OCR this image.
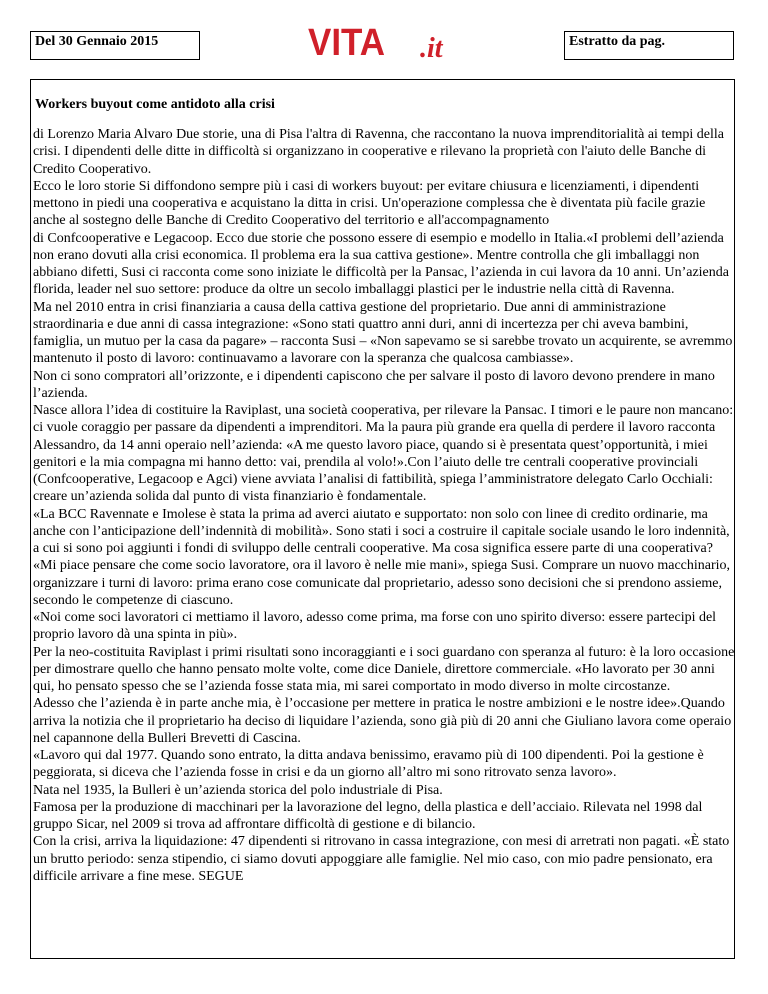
Del 30 Gennaio 2015	VITA .it	Estratto da pag.
Workers buyout come antidoto alla crisi

di Lorenzo Maria Alvaro Due storie, una di Pisa l'altra di Ravenna, che raccontano la nuova imprenditorialità ai tempi della crisi. I dipendenti delle ditte in difficoltà si organizzano in cooperative e rilevano la proprietà con l'aiuto delle Banche di Credito Cooperativo.

Ecco le loro storie Si diffondono sempre più i casi di workers buyout: per evitare chiusura e licenziamenti, i dipendenti mettono in piedi una cooperativa e acquistano la ditta in crisi. Un'operazione complessa che è diventata più facile grazie anche al sostegno delle Banche di Credito Cooperativo del territorio e all'accompagnamento

di Confcooperative e Legacoop. Ecco due storie che possono essere di esempio e modello in Italia.«I problemi dell’azienda non erano dovuti alla crisi economica. Il problema era la sua cattiva gestione». Mentre controlla che gli imballaggi non abbiano difetti, Susi ci racconta come sono iniziate le difficoltà per la Pansac, l’azienda in cui lavora da 10 anni. Un’azienda florida, leader nel suo settore: produce da oltre un secolo imballaggi plastici per le industrie nella città di Ravenna.

Ma nel 2010 entra in crisi finanziaria a causa della cattiva gestione del proprietario. Due anni di amministrazione straordinaria e due anni di cassa integrazione: «Sono stati quattro anni duri, anni di incertezza per chi aveva bambini, famiglia, un mutuo per la casa da pagare» – racconta Susi – «Non sapevamo se si sarebbe trovato un acquirente, se avremmo mantenuto il posto di lavoro: continuavamo a lavorare con la speranza che qualcosa cambiasse».

Non ci sono compratori all’orizzonte, e i dipendenti capiscono che per salvare il posto di lavoro devono prendere in mano l’azienda.

Nasce allora l’idea di costituire la Raviplast, una società cooperativa, per rilevare la Pansac. I timori e le paure non mancano: ci vuole coraggio per passare da dipendenti a imprenditori. Ma la paura più grande era quella di perdere il lavoro racconta Alessandro, da 14 anni operaio nell’azienda: «A me questo lavoro piace, quando si è presentata quest’opportunità, i miei genitori e la mia compagna mi hanno detto: vai, prendila al volo!».Con l’aiuto delle tre centrali cooperative provinciali (Confcooperative, Legacoop e Agci) viene avviata l’analisi di fattibilità, spiega l’amministratore delegato Carlo Occhiali: creare un’azienda solida dal punto di vista finanziario è fondamentale.

«La BCC Ravennate e Imolese è stata la prima ad averci aiutato e supportato: non solo con linee di credito ordinarie, ma anche con l’anticipazione dell’indennità di mobilità». Sono stati i soci a costruire il capitale sociale usando le loro indennità, a cui si sono poi aggiunti i fondi di sviluppo delle centrali cooperative. Ma cosa significa essere parte di una cooperativa?

«Mi piace pensare che come socio lavoratore, ora il lavoro è nelle mie mani», spiega Susi. Comprare un nuovo macchinario, organizzare i turni di lavoro: prima erano cose comunicate dal proprietario, adesso sono decisioni che si prendono assieme, secondo le competenze di ciascuno.

«Noi come soci lavoratori ci mettiamo il lavoro, adesso come prima, ma forse con uno spirito diverso: essere partecipi del proprio lavoro dà una spinta in più».

Per la neo-costituita Raviplast i primi risultati sono incoraggianti e i soci guardano con speranza al futuro: è la loro occasione per dimostrare quello che hanno pensato molte volte, come dice Daniele, direttore commerciale. «Ho lavorato per 30 anni qui, ho pensato spesso che se l’azienda fosse stata mia, mi sarei comportato in modo diverso in molte circostanze.

Adesso che l’azienda è in parte anche mia, è l’occasione per mettere in pratica le nostre ambizioni e le nostre idee».Quando arriva la notizia che il proprietario ha deciso di liquidare l’azienda, sono già più di 20 anni che Giuliano lavora come operaio nel capannone della Bulleri Brevetti di Cascina.

«Lavoro qui dal 1977. Quando sono entrato, la ditta andava benissimo, eravamo più di 100 dipendenti. Poi la gestione è peggiorata, si diceva che l’azienda fosse in crisi e da un giorno all’altro mi sono ritrovato senza lavoro».

Nata nel 1935, la Bulleri è un’azienda storica del polo industriale di Pisa.

Famosa per la produzione di macchinari per la lavorazione del legno, della plastica e dell’acciaio. Rilevata nel 1998 dal gruppo Sicar, nel 2009 si trova ad affrontare difficoltà di gestione e di bilancio.

Con la crisi, arriva la liquidazione: 47 dipendenti si ritrovano in cassa integrazione, con mesi di arretrati non pagati. «È stato un brutto periodo: senza stipendio, ci siamo dovuti appoggiare alle famiglie. Nel mio caso, con mio padre pensionato, era difficile arrivare a fine mese. SEGUE
